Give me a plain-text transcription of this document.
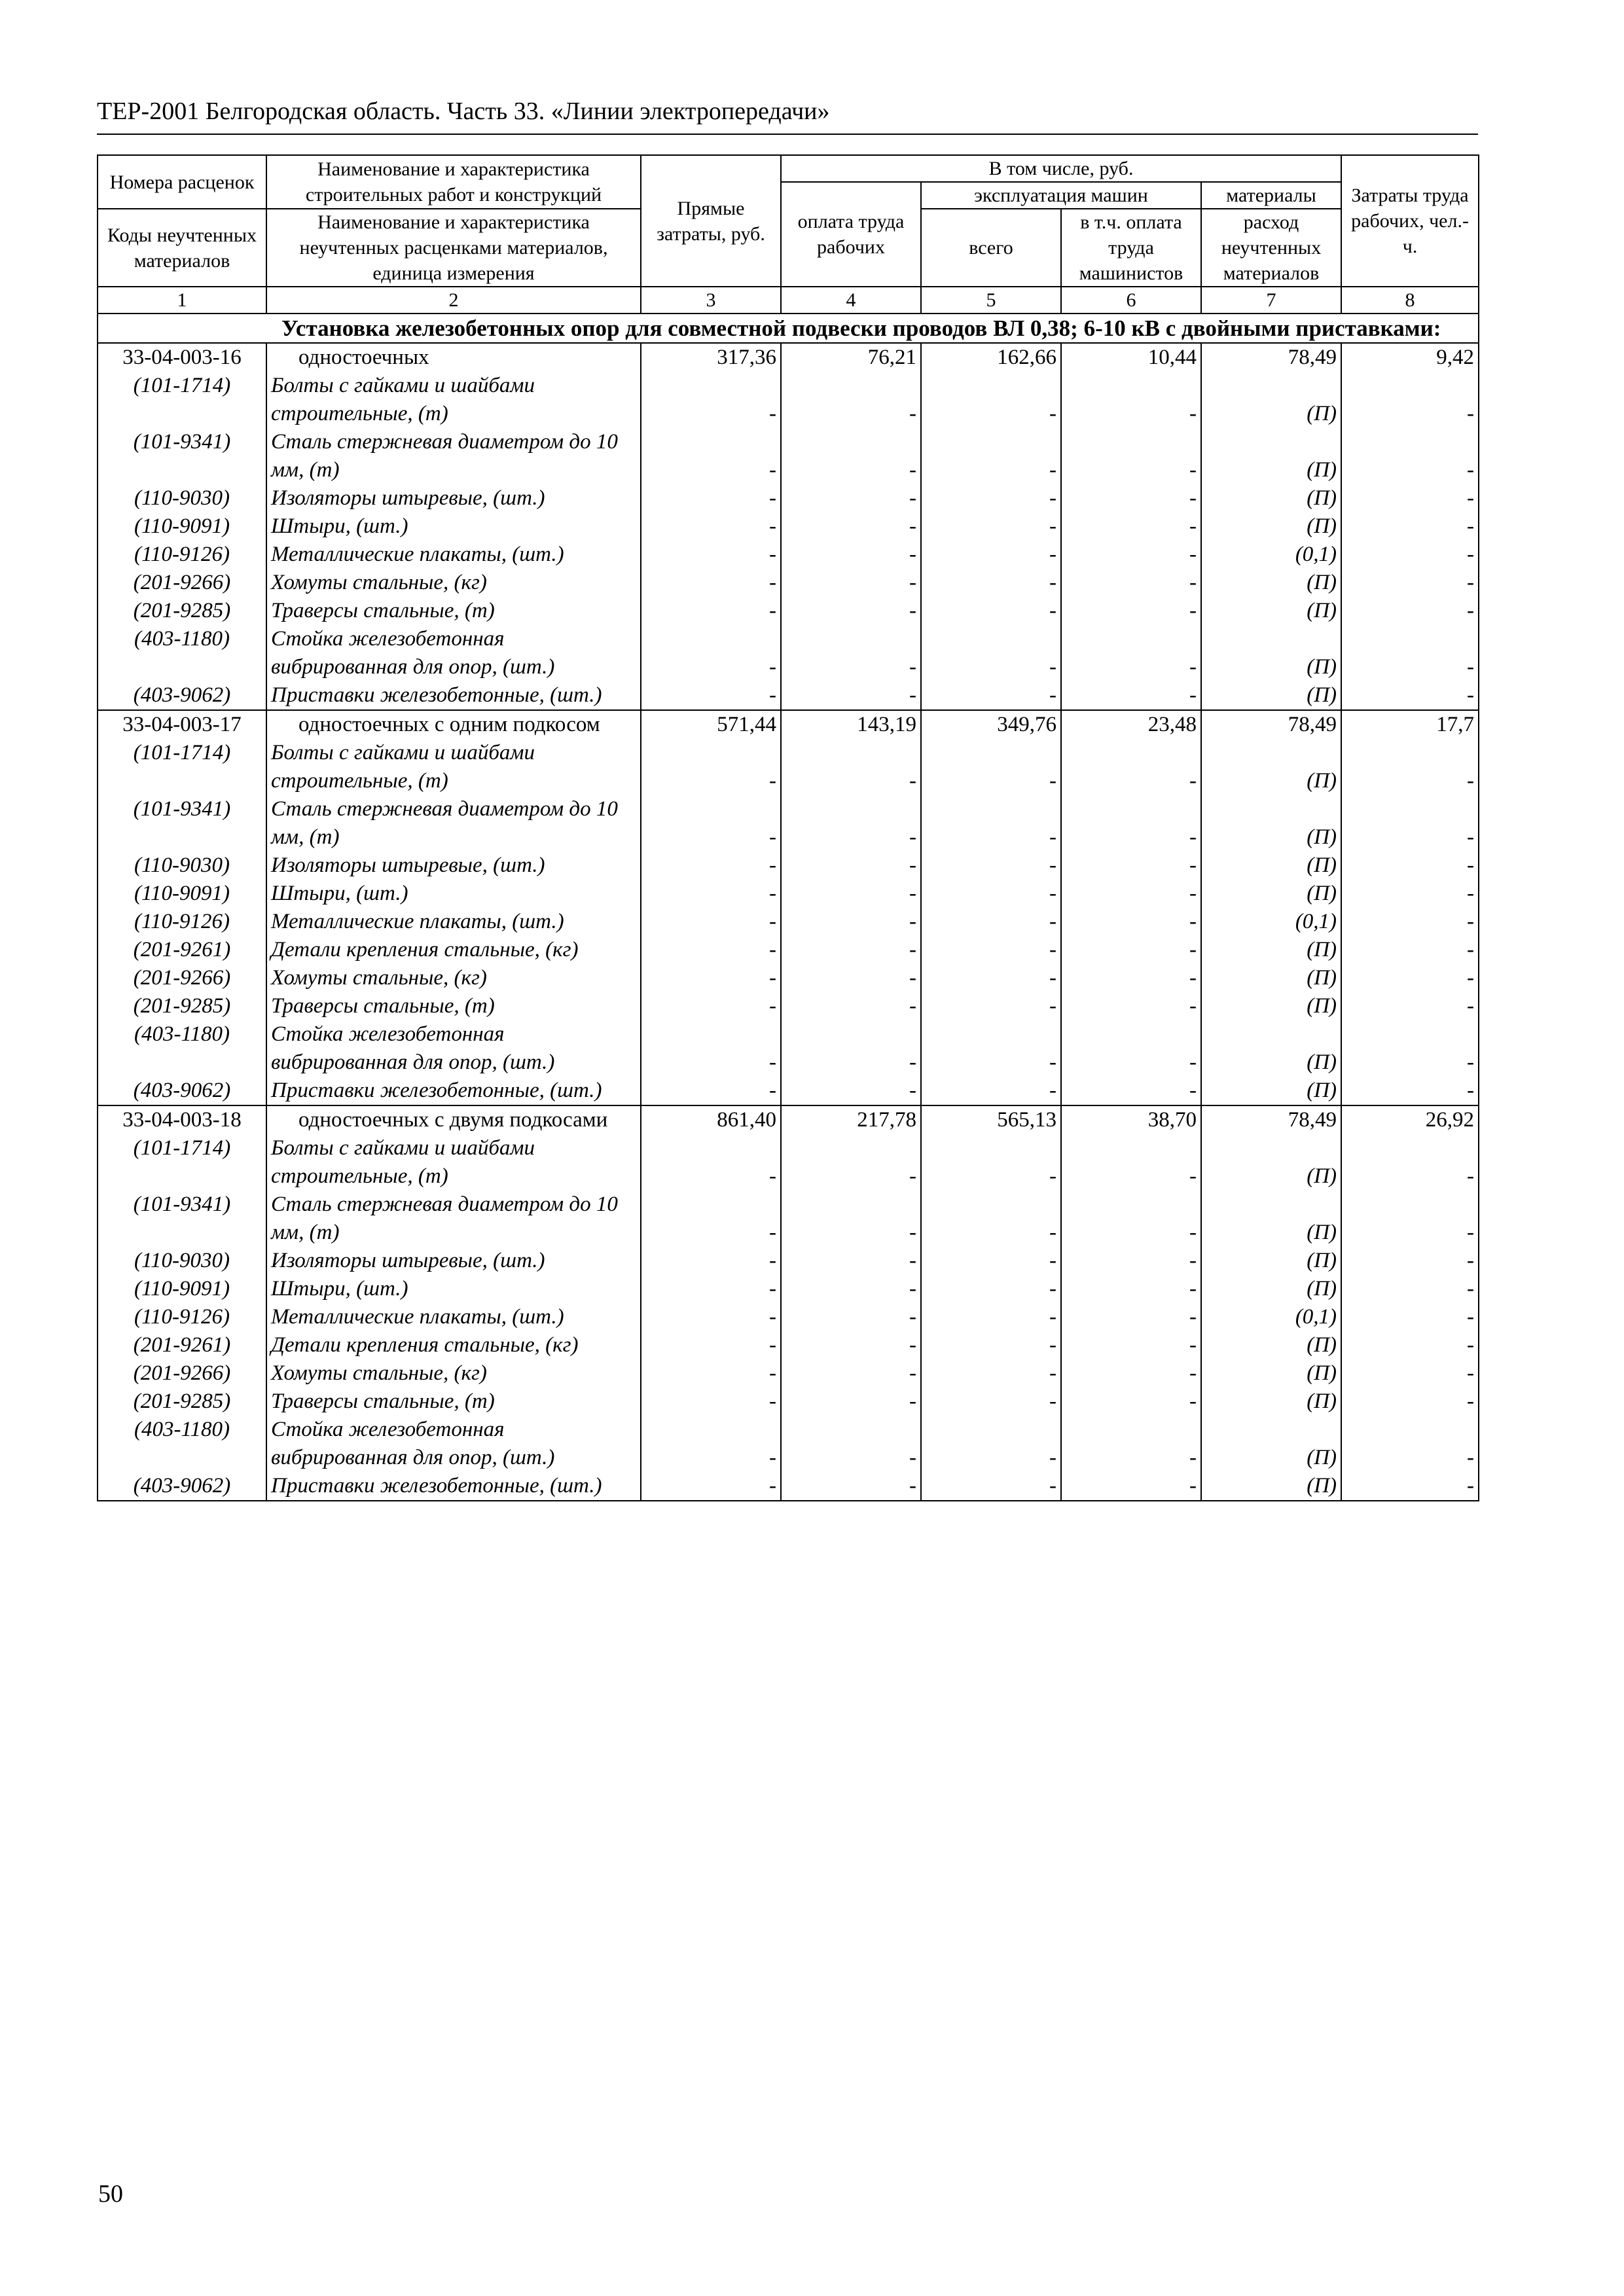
ТЕР-2001 Белгородская область. Часть 33. «Линии электропередачи»
Номера расценок	Наименование и характеристика строительных работ и конструкций	Прямые затраты, руб.	В том числе, руб.				Затраты труда рабочих, чел.-ч.
			оплата труда рабочих	эксплуатация машин		материалы	
Коды неучтенных материалов	Наименование и характеристика неучтенных расценками материалов, единица измерения			всего	в т.ч. оплата труда машинистов	расход неучтенных материалов	

1	2	3	4	5	6	7	8
Установка железобетонных опор для совместной подвески проводов ВЛ 0,38; 6-10 кВ с двойными приставками:							
33-04-003-16	одностоечных	317,36	76,21	162,66	10,44	78,49	9,42
(101-1714)	Болты с гайками и шайбами строительные, (т)	-	-	-	-	(П)	-
(101-9341)	Сталь стержневая диаметром до 10 мм, (т)	-	-	-	-	(П)	-
(110-9030)	Изоляторы штыревые, (шт.)	-	-	-	-	(П)	-
(110-9091)	Штыри, (шт.)	-	-	-	-	(П)	-
(110-9126)	Металлические плакаты, (шт.)	-	-	-	-	(0,1)	-
(201-9266)	Хомуты стальные, (кг)	-	-	-	-	(П)	-
(201-9285)	Траверсы стальные, (т)	-	-	-	-	(П)	-
(403-1180)	Стойка железобетонная вибрированная для опор, (шт.)	-	-	-	-	(П)	-
(403-9062)	Приставки железобетонные, (шт.)	-	-	-	-	(П)	-
33-04-003-17	одностоечных с одним подкосом	571,44	143,19	349,76	23,48	78,49	17,7
(101-1714)	Болты с гайками и шайбами строительные, (т)	-	-	-	-	(П)	-
(101-9341)	Сталь стержневая диаметром до 10 мм, (т)	-	-	-	-	(П)	-
(110-9030)	Изоляторы штыревые, (шт.)	-	-	-	-	(П)	-
(110-9091)	Штыри, (шт.)	-	-	-	-	(П)	-
(110-9126)	Металлические плакаты, (шт.)	-	-	-	-	(0,1)	-
(201-9261)	Детали крепления стальные, (кг)	-	-	-	-	(П)	-
(201-9266)	Хомуты стальные, (кг)	-	-	-	-	(П)	-
(201-9285)	Траверсы стальные, (т)	-	-	-	-	(П)	-
(403-1180)	Стойка железобетонная вибрированная для опор, (шт.)	-	-	-	-	(П)	-
(403-9062)	Приставки железобетонные, (шт.)	-	-	-	-	(П)	-
33-04-003-18	одностоечных с двумя подкосами	861,40	217,78	565,13	38,70	78,49	26,92
(101-1714)	Болты с гайками и шайбами строительные, (т)	-	-	-	-	(П)	-
(101-9341)	Сталь стержневая диаметром до 10 мм, (т)	-	-	-	-	(П)	-
(110-9030)	Изоляторы штыревые, (шт.)	-	-	-	-	(П)	-
(110-9091)	Штыри, (шт.)	-	-	-	-	(П)	-
(110-9126)	Металлические плакаты, (шт.)	-	-	-	-	(0,1)	-
(201-9261)	Детали крепления стальные, (кг)	-	-	-	-	(П)	-
(201-9266)	Хомуты стальные, (кг)	-	-	-	-	(П)	-
(201-9285)	Траверсы стальные, (т)	-	-	-	-	(П)	-
(403-1180)	Стойка железобетонная вибрированная для опор, (шт.)	-	-	-	-	(П)	-
(403-9062)	Приставки железобетонные, (шт.)	-	-	-	-	(П)	-
50
